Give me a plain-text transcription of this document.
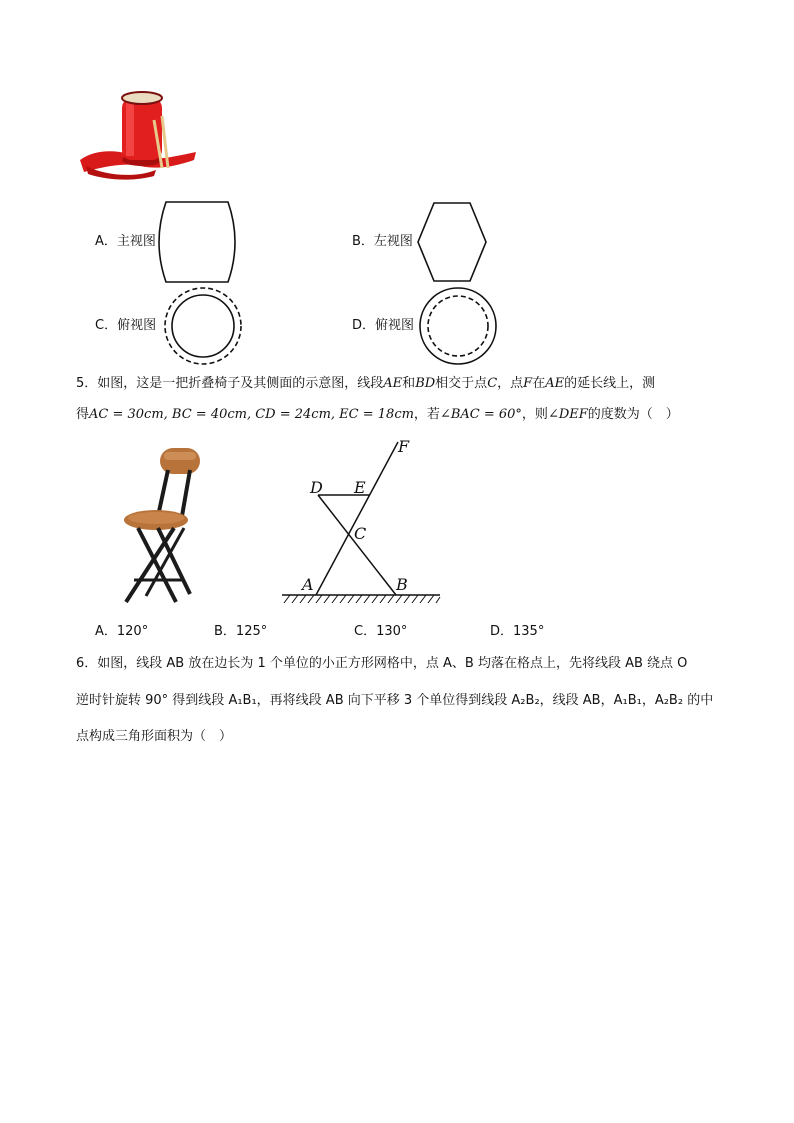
A．主视图	B．左视图
C．俯视图	D．俯视图
5．如图，这是一把折叠椅子及其侧面的示意图，线段AE和BD相交于点C，点F在AE的延长线上，测
得AC = 30cm, BC = 40cm, CD = 24cm, EC = 18cm，若∠BAC = 60°，则∠DEF的度数为（　）
F
D E
C
A	B
A．120°	B．125°	C．130°	D．135°
6．如图，线段 AB 放在边长为 1 个单位的小正方形网格中，点 A、B 均落在格点上，先将线段 AB 绕点 O
逆时针旋转 90° 得到线段 A₁B₁，再将线段 AB 向下平移 3 个单位得到线段 A₂B₂，线段 AB，A₁B₁，A₂B₂ 的中
点构成三角形面积为（　）
